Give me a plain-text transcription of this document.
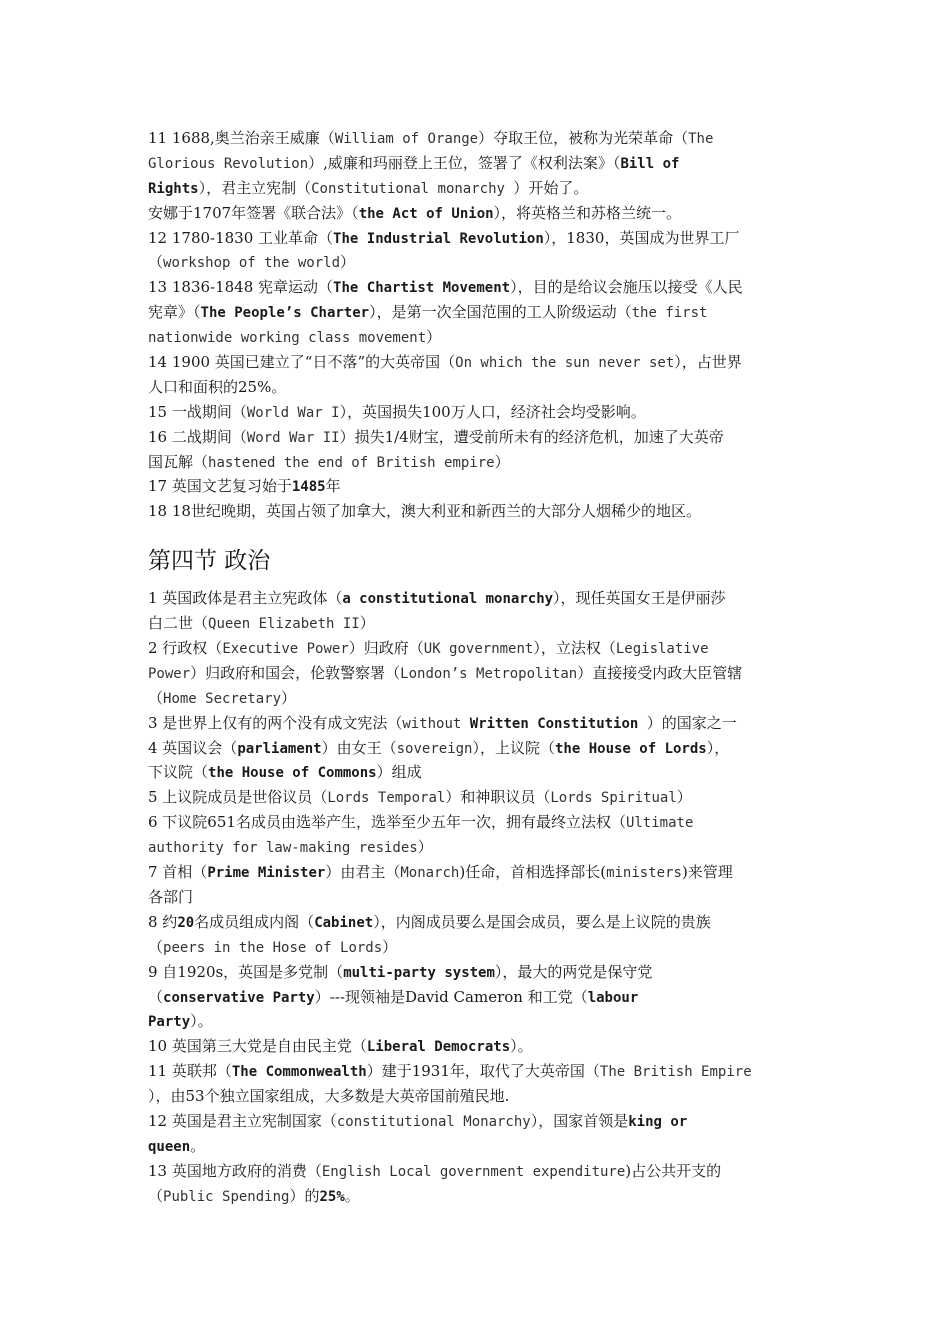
11 1688,奥兰治亲王威廉（William of Orange）夺取王位，被称为光荣革命（The
Glorious Revolution）,威廉和玛丽登上王位，签署了《权利法案》（Bill of
Rights），君主立宪制（Constitutional monarchy ）开始了。
安娜于1707年签署《联合法》（the Act of Union），将英格兰和苏格兰统一。
12 1780-1830 工业革命（The Industrial Revolution），1830，英国成为世界工厂
（workshop of the world）
13 1836-1848 宪章运动（The Chartist Movement），目的是给议会施压以接受《人民
宪章》（The People’s Charter），是第一次全国范围的工人阶级运动（the first
nationwide working class movement）
14 1900 英国已建立了“日不落”的大英帝国（On which the sun never set），占世界
人口和面积的25%。
15 一战期间（World War I），英国损失100万人口，经济社会均受影响。
16 二战期间（Word War II）损失1/4财宝，遭受前所未有的经济危机，加速了大英帝
国瓦解（hastened the end of British empire）
17 英国文艺复习始于1485年
18 18世纪晚期，英国占领了加拿大，澳大利亚和新西兰的大部分人烟稀少的地区。
第四节 政治
1 英国政体是君主立宪政体（a constitutional monarchy），现任英国女王是伊丽莎
白二世（Queen Elizabeth II）
2 行政权（Executive Power）归政府（UK government），立法权（Legislative
Power）归政府和国会，伦敦警察署（London’s Metropolitan）直接接受内政大臣管辖
（Home Secretary）
3 是世界上仅有的两个没有成文宪法（without Written Constitution ）的国家之一
4 英国议会（parliament）由女王（sovereign），上议院（the House of Lords），
下议院（the House of Commons）组成
5 上议院成员是世俗议员（Lords Temporal）和神职议员（Lords Spiritual）
6 下议院651名成员由选举产生，选举至少五年一次，拥有最终立法权（Ultimate
authority for law-making resides）
7 首相（Prime Minister）由君主（Monarch)任命，首相选择部长(ministers)来管理
各部门
8 约20名成员组成内阁（Cabinet），内阁成员要么是国会成员，要么是上议院的贵族
（peers in the Hose of Lords）
9 自1920s，英国是多党制（multi-party system），最大的两党是保守党
（conservative Party）---现领袖是David Cameron 和工党（labour
Party）。
10 英国第三大党是自由民主党（Liberal Democrats）。
11 英联邦（The Commonwealth）建于1931年，取代了大英帝国（The British Empire
），由53个独立国家组成，大多数是大英帝国前殖民地.
12 英国是君主立宪制国家（constitutional Monarchy），国家首领是king or
queen。
13 英国地方政府的消费（English Local government expenditure)占公共开支的
（Public Spending）的25%。
